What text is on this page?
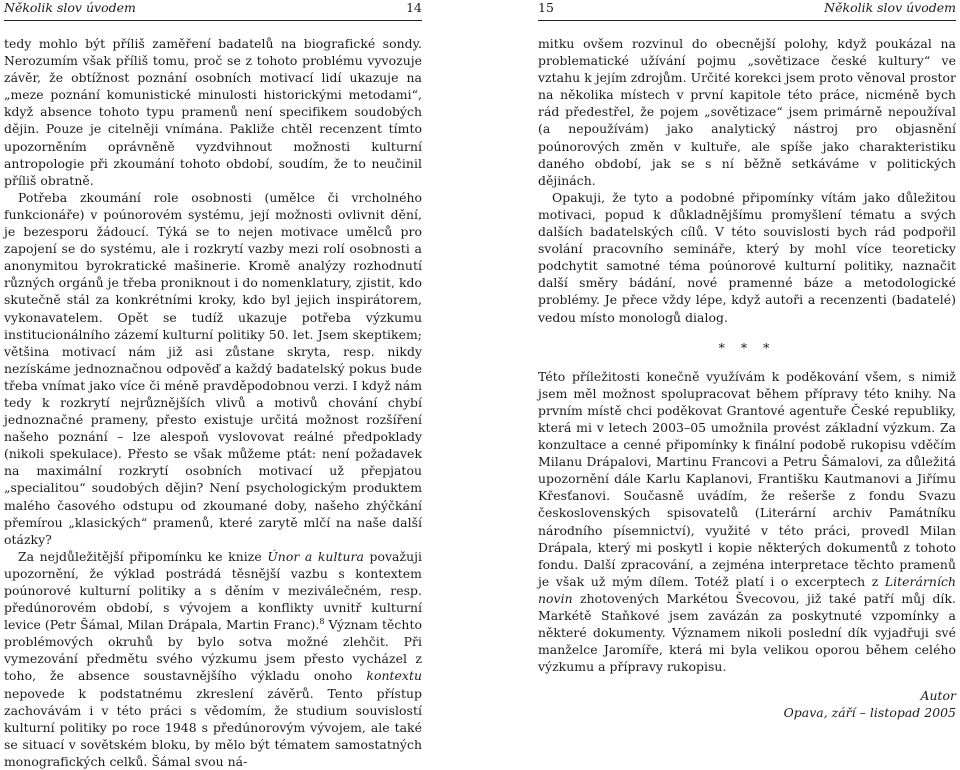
Několik slov úvodem	14

tedy mohlo být příliš zaměření badatelů na biografické sondy. Nerozumím však příliš tomu, proč se z tohoto problému vyvozuje závěr, že obtížnost poznání osobních motivací lidí ukazuje na „meze poznání komunistické minulosti historickými metodami“, když absence tohoto typu pramenů není specifikem soudobých dějin. Pouze je citelněji vnímána. Pakliže chtěl recenzent tímto upozorněním oprávněně vyzdvihnout možnosti kulturní antropologie při zkoumání tohoto období, soudím, že to neučinil příliš obratně.

Potřeba zkoumání role osobnosti (umělce či vrcholného funkcionáře) v poúnorovém systému, její možnosti ovlivnit dění, je bezesporu žádoucí. Týká se to nejen motivace umělců pro zapojení se do systému, ale i rozkrytí vazby mezi rolí osobnosti a anonymitou byrokratické mašinerie. Kromě analýzy rozhodnutí různých orgánů je třeba proniknout i do nomenklatury, zjistit, kdo skutečně stál za konkrétními kroky, kdo byl jejich inspirátorem, vykonavatelem. Opět se tudíž ukazuje potřeba výzkumu institucionálního zázemí kulturní politiky 50. let. Jsem skeptikem; většina motivací nám již asi zůstane skryta, resp. nikdy nezískáme jednoznačnou odpověď a každý badatelský pokus bude třeba vnímat jako více či méně pravděpodobnou verzi. I když nám tedy k rozkrytí nejrůznějších vlivů a motivů chování chybí jednoznačné prameny, přesto existuje určitá možnost rozšíření našeho poznání – lze alespoň vyslovovat reálné předpoklady (nikoli spekulace). Přesto se však můžeme ptát: není požadavek na maximální rozkrytí osobních motivací už přepjatou „specialitou“ soudobých dějin? Není psychologickým produktem malého časového odstupu od zkoumané doby, našeho zhýčkání přemírou „klasických“ pramenů, které zarytě mlčí na naše další otázky?

Za nejdůležitější připomínku ke knize Únor a kultura považuji upozornění, že výklad postrádá těsnější vazbu s kontextem poúnorové kulturní politiky a s děním v meziválečném, resp. předúnorovém období, s vývojem a konflikty uvnitř kulturní levice (Petr Šámal, Milan Drápala, Martin Franc).$^8$ Význam těchto problémových okruhů by bylo sotva možné zlehčit. Při vymezování předmětu svého výzkumu jsem přesto vycházel z toho, že absence soustavnějšího výkladu onoho kontextu nepovede k podstatnému zkreslení závěrů. Tento přístup zachovávám i v této práci s vědomím, že studium souvislostí kulturní politiky po roce 1948 s předúnorovým vývojem, ale také se situací v sovětském bloku, by mělo být tématem samostatných monografických celků. Šámal svou ná-

15	Několik slov úvodem

mitku ovšem rozvinul do obecnější polohy, když poukázal na problematické užívání pojmu „sovětizace české kultury“ ve vztahu k jejím zdrojům. Určité korekci jsem proto věnoval prostor na několika místech v první kapitole této práce, nicméně bych rád předestřel, že pojem „sovětizace“ jsem primárně nepoužíval (a nepoužívám) jako analytický nástroj pro objasnění poúnorových změn v kultuře, ale spíše jako charakteristiku daného období, jak se s ní běžně setkáváme v politických dějinách.

Opakuji, že tyto a podobné připomínky vítám jako důležitou motivaci, popud k důkladnějšímu promyšlení tématu a svých dalších badatelských cílů. V této souvislosti bych rád podpořil svolání pracovního semináře, který by mohl více teoreticky podchytit samotné téma poúnorové kulturní politiky, naznačit další směry bádání, nové pramenné báze a metodologické problémy. Je přece vždy lépe, když autoři a recenzenti (badatelé) vedou místo monologů dialog.

* * *

Této příležitosti konečně využívám k poděkování všem, s nimiž jsem měl možnost spolupracovat během přípravy této knihy. Na prvním místě chci poděkovat Grantové agentuře České republiky, která mi v letech 2003–05 umožnila provést základní výzkum. Za konzultace a cenné připomínky k finální podobě rukopisu vděčím Milanu Drápalovi, Martinu Francovi a Petru Šámalovi, za důležitá upozornění dále Karlu Kaplanovi, Františku Kautmanovi a Jiřímu Křesťanovi. Současně uvádím, že rešerše z fondu Svazu československých spisovatelů (Literární archiv Památníku národního písemnictví), využité v této práci, provedl Milan Drápala, který mi poskytl i kopie některých dokumentů z tohoto fondu. Další zpracování, a zejména interpretace těchto pramenů je však už mým dílem. Totéž platí i o excerptech z Literárních novin zhotovených Markétou Švecovou, již také patří můj dík. Markétě Staňkové jsem zavázán za poskytnuté vzpomínky a některé dokumenty. Významem nikoli poslední dík vyjadřuji své manželce Jaromíře, která mi byla velikou oporou během celého výzkumu a přípravy rukopisu.

Autor
Opava, září – listopad 2005
